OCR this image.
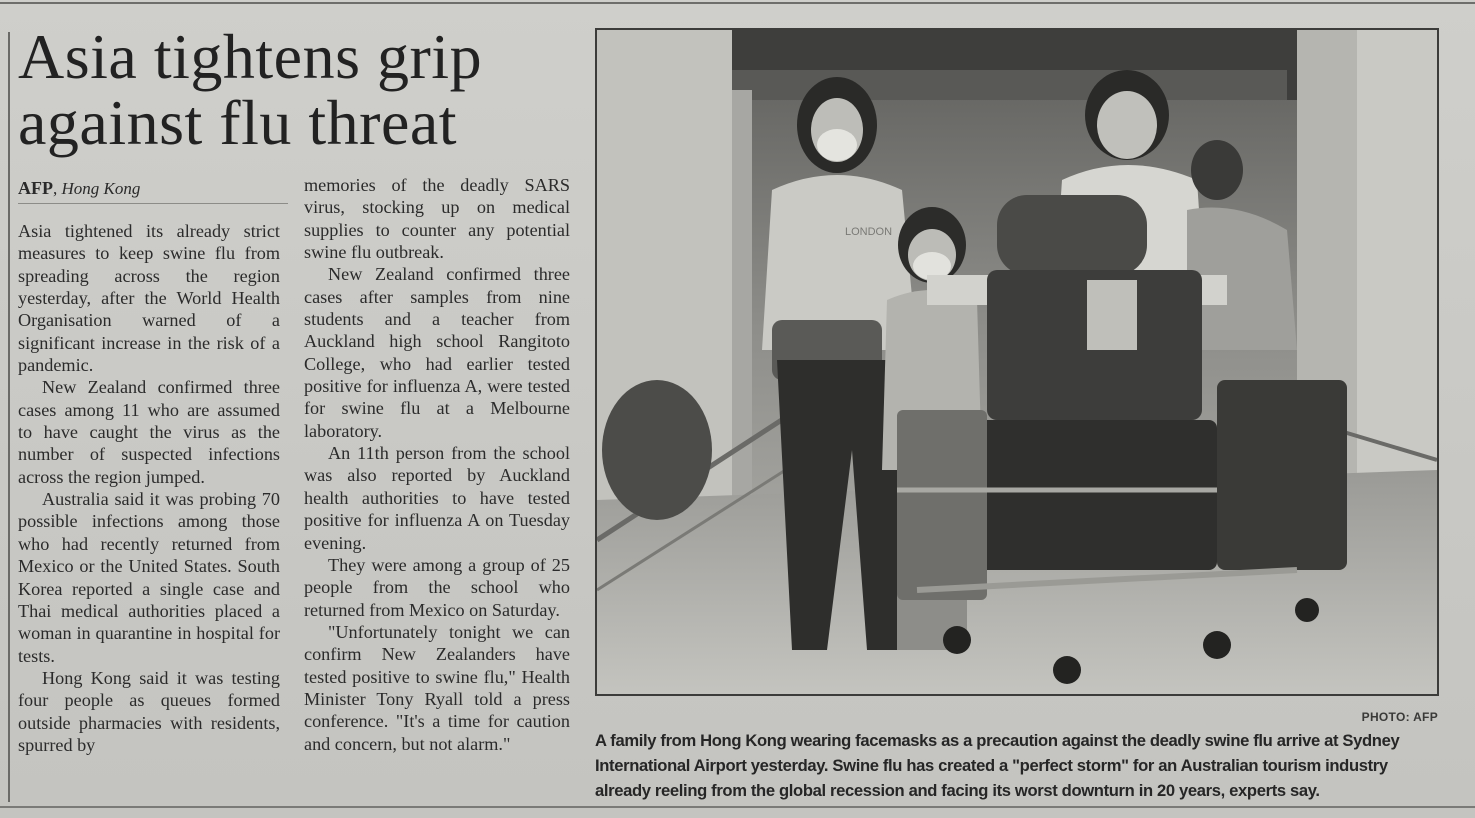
Asia tightens grip against flu threat
AFP, Hong Kong

Asia tightened its already strict measures to keep swine flu from spreading across the region yesterday, after the World Health Organisation warned of a significant increase in the risk of a pandemic.

New Zealand confirmed three cases among 11 who are assumed to have caught the virus as the number of suspected infections across the region jumped.

Australia said it was probing 70 possible infections among those who had recently returned from Mexico or the United States. South Korea reported a single case and Thai medical authorities placed a woman in quarantine in hospital for tests.

Hong Kong said it was testing four people as queues formed outside pharmacies with residents, spurred by

memories of the deadly SARS virus, stocking up on medical supplies to counter any potential swine flu outbreak.

New Zealand confirmed three cases after samples from nine students and a teacher from Auckland high school Rangitoto College, who had earlier tested positive for influenza A, were tested for swine flu at a Melbourne laboratory.

An 11th person from the school was also reported by Auckland health authorities to have tested positive for influenza A on Tuesday evening.

They were among a group of 25 people from the school who returned from Mexico on Saturday.

"Unfortunately tonight we can confirm New Zealanders have tested positive to swine flu," Health Minister Tony Ryall told a press conference. "It's a time for caution and concern, but not alarm."

LONDON
PHOTO: AFP

A family from Hong Kong wearing facemasks as a precaution against the deadly swine flu arrive at Sydney International Airport yesterday. Swine flu has created a "perfect storm" for an Australian tourism industry already reeling from the global recession and facing its worst downturn in 20 years, experts say.
